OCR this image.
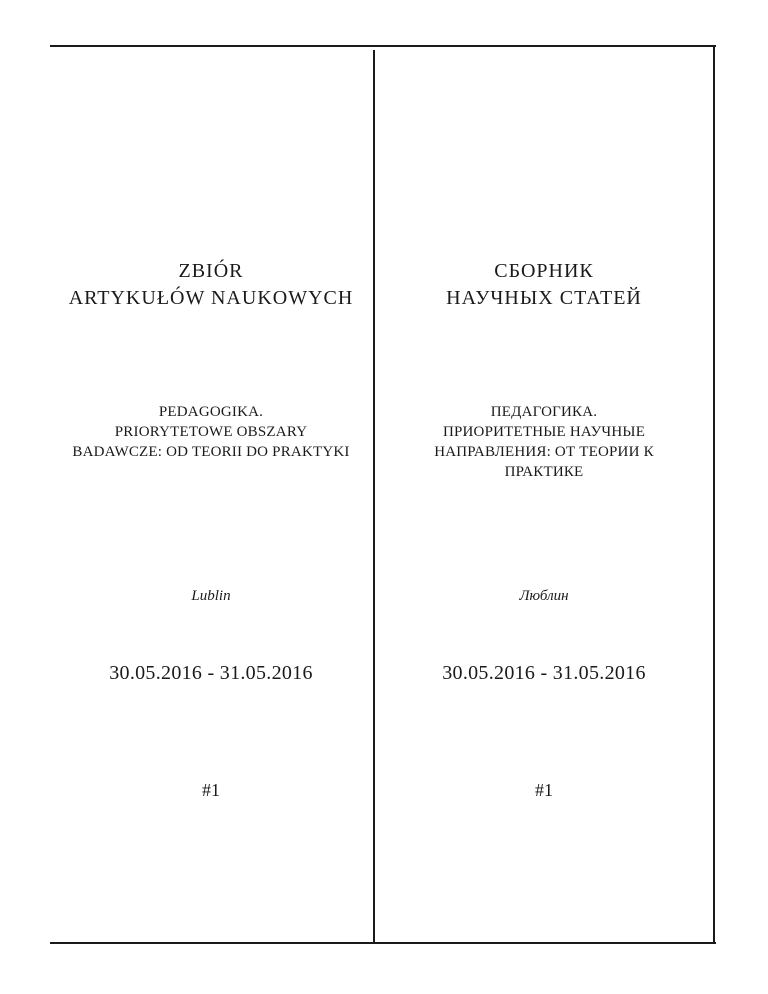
ZBIÓR
ARTYKUŁÓW NAUKOWYCH
PEDAGOGIKA.
PRIORYTETOWE OBSZARY
BADAWCZE: OD TEORII DO PRAKTYKI
Lublin
30.05.2016 - 31.05.2016
#1
СБОРНИК
НАУЧНЫХ СТАТЕЙ
ПЕДАГОГИКА.
ПРИОРИТЕТНЫЕ НАУЧНЫЕ
НАПРАВЛЕНИЯ: ОТ ТЕОРИИ К
ПРАКТИКЕ
Люблин
30.05.2016 - 31.05.2016
#1
